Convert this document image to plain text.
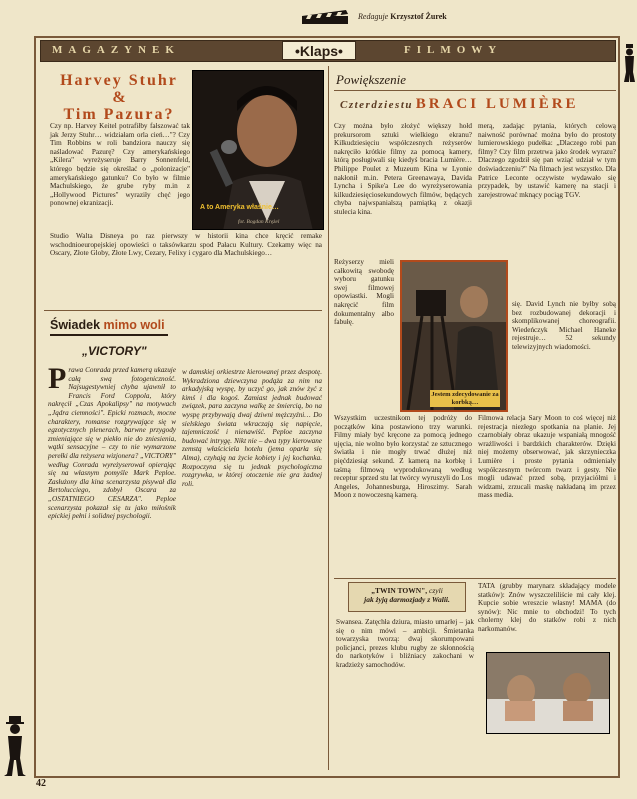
Redaguje Krzysztof Żurek
MAGAZYNEK	•Klaps•	FILMOWY
Harvey Stuhr
&
Tim Pazura?
Czy np. Harvey Keitel potrafiłby fałszować tak jak Jerzy Stuhr… widziałam orla cień…"? Czy Tim Robbins w roli bandziora nauczy się naśladować Pazurę? Czy amerykańskiego „Kilera" wyreżyseruje Barry Sonnenfeld, którego będzie się określać o „polonizacje" amerykańskiego gatunku? Co było w filmie Machulskiego, że grube ryby m.in z „Hollywood Pictures" wyraziły chęć jego ponownej ekranizacji.
A to Ameryka właśnie…
fot. Bogdan Krężel
Studio Walta Disneya po raz pierwszy w historii kina chce kręcić remake wschodnioeuropejskiej opowieści o taksówkarzu spod Pałacu Kultury. Czekamy więc na Oscary, Złote Globy, Złote Lwy, Cezary, Felixy i cygaro dla Machulskiego…
Świadek mimo woli
„VICTORY"
Prawa Conrada przed kamerą ukazuje całą swą fotogeniczność. Najsugestywniej chyba ujawnił to Francis Ford Coppola, który nakręcił „Czas Apokalipsy" na motywach „Jądra ciemności". Epicki rozmach, mocne charaktery, romanse rozgrywające się w egzotycznych plenerach, barwne przygody zmieniające się w piekło nie do zniesienia, wątki sensacyjne – czy to nie wymarzone perełki dla reżysera wizjonera? „VICTORY" według Conrada wyreżyserował opierając się na własnym pomyśle Mark Peploe. Zasłużony dla kina scenarzysta pisywał dla Bertolucciego, zdobył Oscara za „OSTATNIEGO CESARZA". Peploe scenarzysta pokazał się tu jako miłośnik epickiej pełni i solidnej psychologii.
w damskiej orkiestrze kierowanej przez despotę. Wykradziona dziewczyna podąża za nim na arkadyjską wyspę, by uczyć go, jak znów żyć z kimś i dla kogoś. Zamiast jednak budować związek, para zaczyna walkę ze śmiercią, bo na wyspę przybywają dwaj dziwni mężczyźni… Do sielskiego świata wkraczają się napięcie, tajemniczość i nienawiść. Peploe zaczyna budować intrygę. Nikt nie – dwa typy kierowane zemstą właściciela hotelu (jema oparła się Alma), czyhają na życie kobiety i jej kochanka. Rozpoczyna się tu jednak psychologiczna rozgrywka, w której otoczenie nie gra żadnej roli.
Powiększenie
Czterdziestu BRACI LUMIÈRE
Czy można było złożyć większy hołd prekursorom sztuki wielkiego ekranu? Kilkudziesięciu współczesnych reżyserów nakręciło krótkie filmy za pomocą kamery, którą posługiwali się kiedyś bracia Lumière… Philippe Poulet z Muzeum Kina w Lyonie nakłonił m.in. Petera Greenawaya, Davida Lyncha i Spike'a Lee do wyreżyserowania kilkudziesięciosekundowych filmów, będących chyba najwspanialszą pamiątką z okazji stulecia kina.
merą, zadając pytania, których celową naiwność porównać można było do prostoty lumierowskiego pudełka: „Dlaczego robi pan filmy? Czy film przetrwa jako środek wyrazu? Dlaczego zgodził się pan wziąć udział w tym doświadczeniu?" Na filmach jest wszystko. Dla Patrice Leconte oczywiste wydawało się przypadek, by ustawić kamerę na stacji i zarejestrować mknący pociąg TGV.
Reżyserzy mieli całkowitą swobodę wyboru gatunku swej filmowej opowiastki. Mogli nakręcić film dokumentalny albo fabułę.
Jestem zdecydowanie za korbką…
się. David Lynch nie byłby sobą bez rozbudowanej dekoracji i skomplikowanej choreografii. Wiedeńczyk Michael Haneke rejestruje… 52 sekundy telewizyjnych wiadomości.
Wszystkim uczestnikom tej podróży do początków kina postawiono trzy warunki. Filmy miały być kręcone za pomocą jednego ujęcia, nie wolno było korzystać ze sztucznego światła i nie mogły trwać dłużej niż pięćdziesiąt sekund. Z kamerą na korbkę i taśmą filmową wyprodukowaną według receptur sprzed stu lat twórcy wyruszyli do Los Angeles, Johannesburga, Hiroszimy. Sarah Moon z nowoczesną kamerą.
Filmowa relacja Sary Moon to coś więcej niż rejestracja niezłego spotkania na planie. Jej czarnobiały obraz ukazuje wspaniałą mnogość wrażliwości i bardzkich charakterów. Dzięki niej możemy obserwować, jak skrzynieczka Lumière i proste pytania odmieniały współczesnym twórcom twarz i gesty. Nie mogli udawać przed sobą, przyjaciółmi i widzami, zrzucali maskę nakładaną im przez mass media.
„TWIN TOWN", czyli
jak żyją darmozjady z Walii.
Swansea. Zatęchła dziura, miasto umarłej – jak się o nim mówi – ambicji. Śmietanka towarzyska tworzą: dwaj skorumpowani policjanci, prezes klubu rugby ze skłonnością do narkotyków i bliźniacy zakochani w kradzieży samochodów.
TATA (grubby marynarz składający modele statków): Znów wyszczeliliście mi cały klej. Kupcie sobie wreszcie własny! MAMA (do synów): Nic mnie to obchodzi! To tych cholerny klej do statków robi z nich narkomanów.
42
